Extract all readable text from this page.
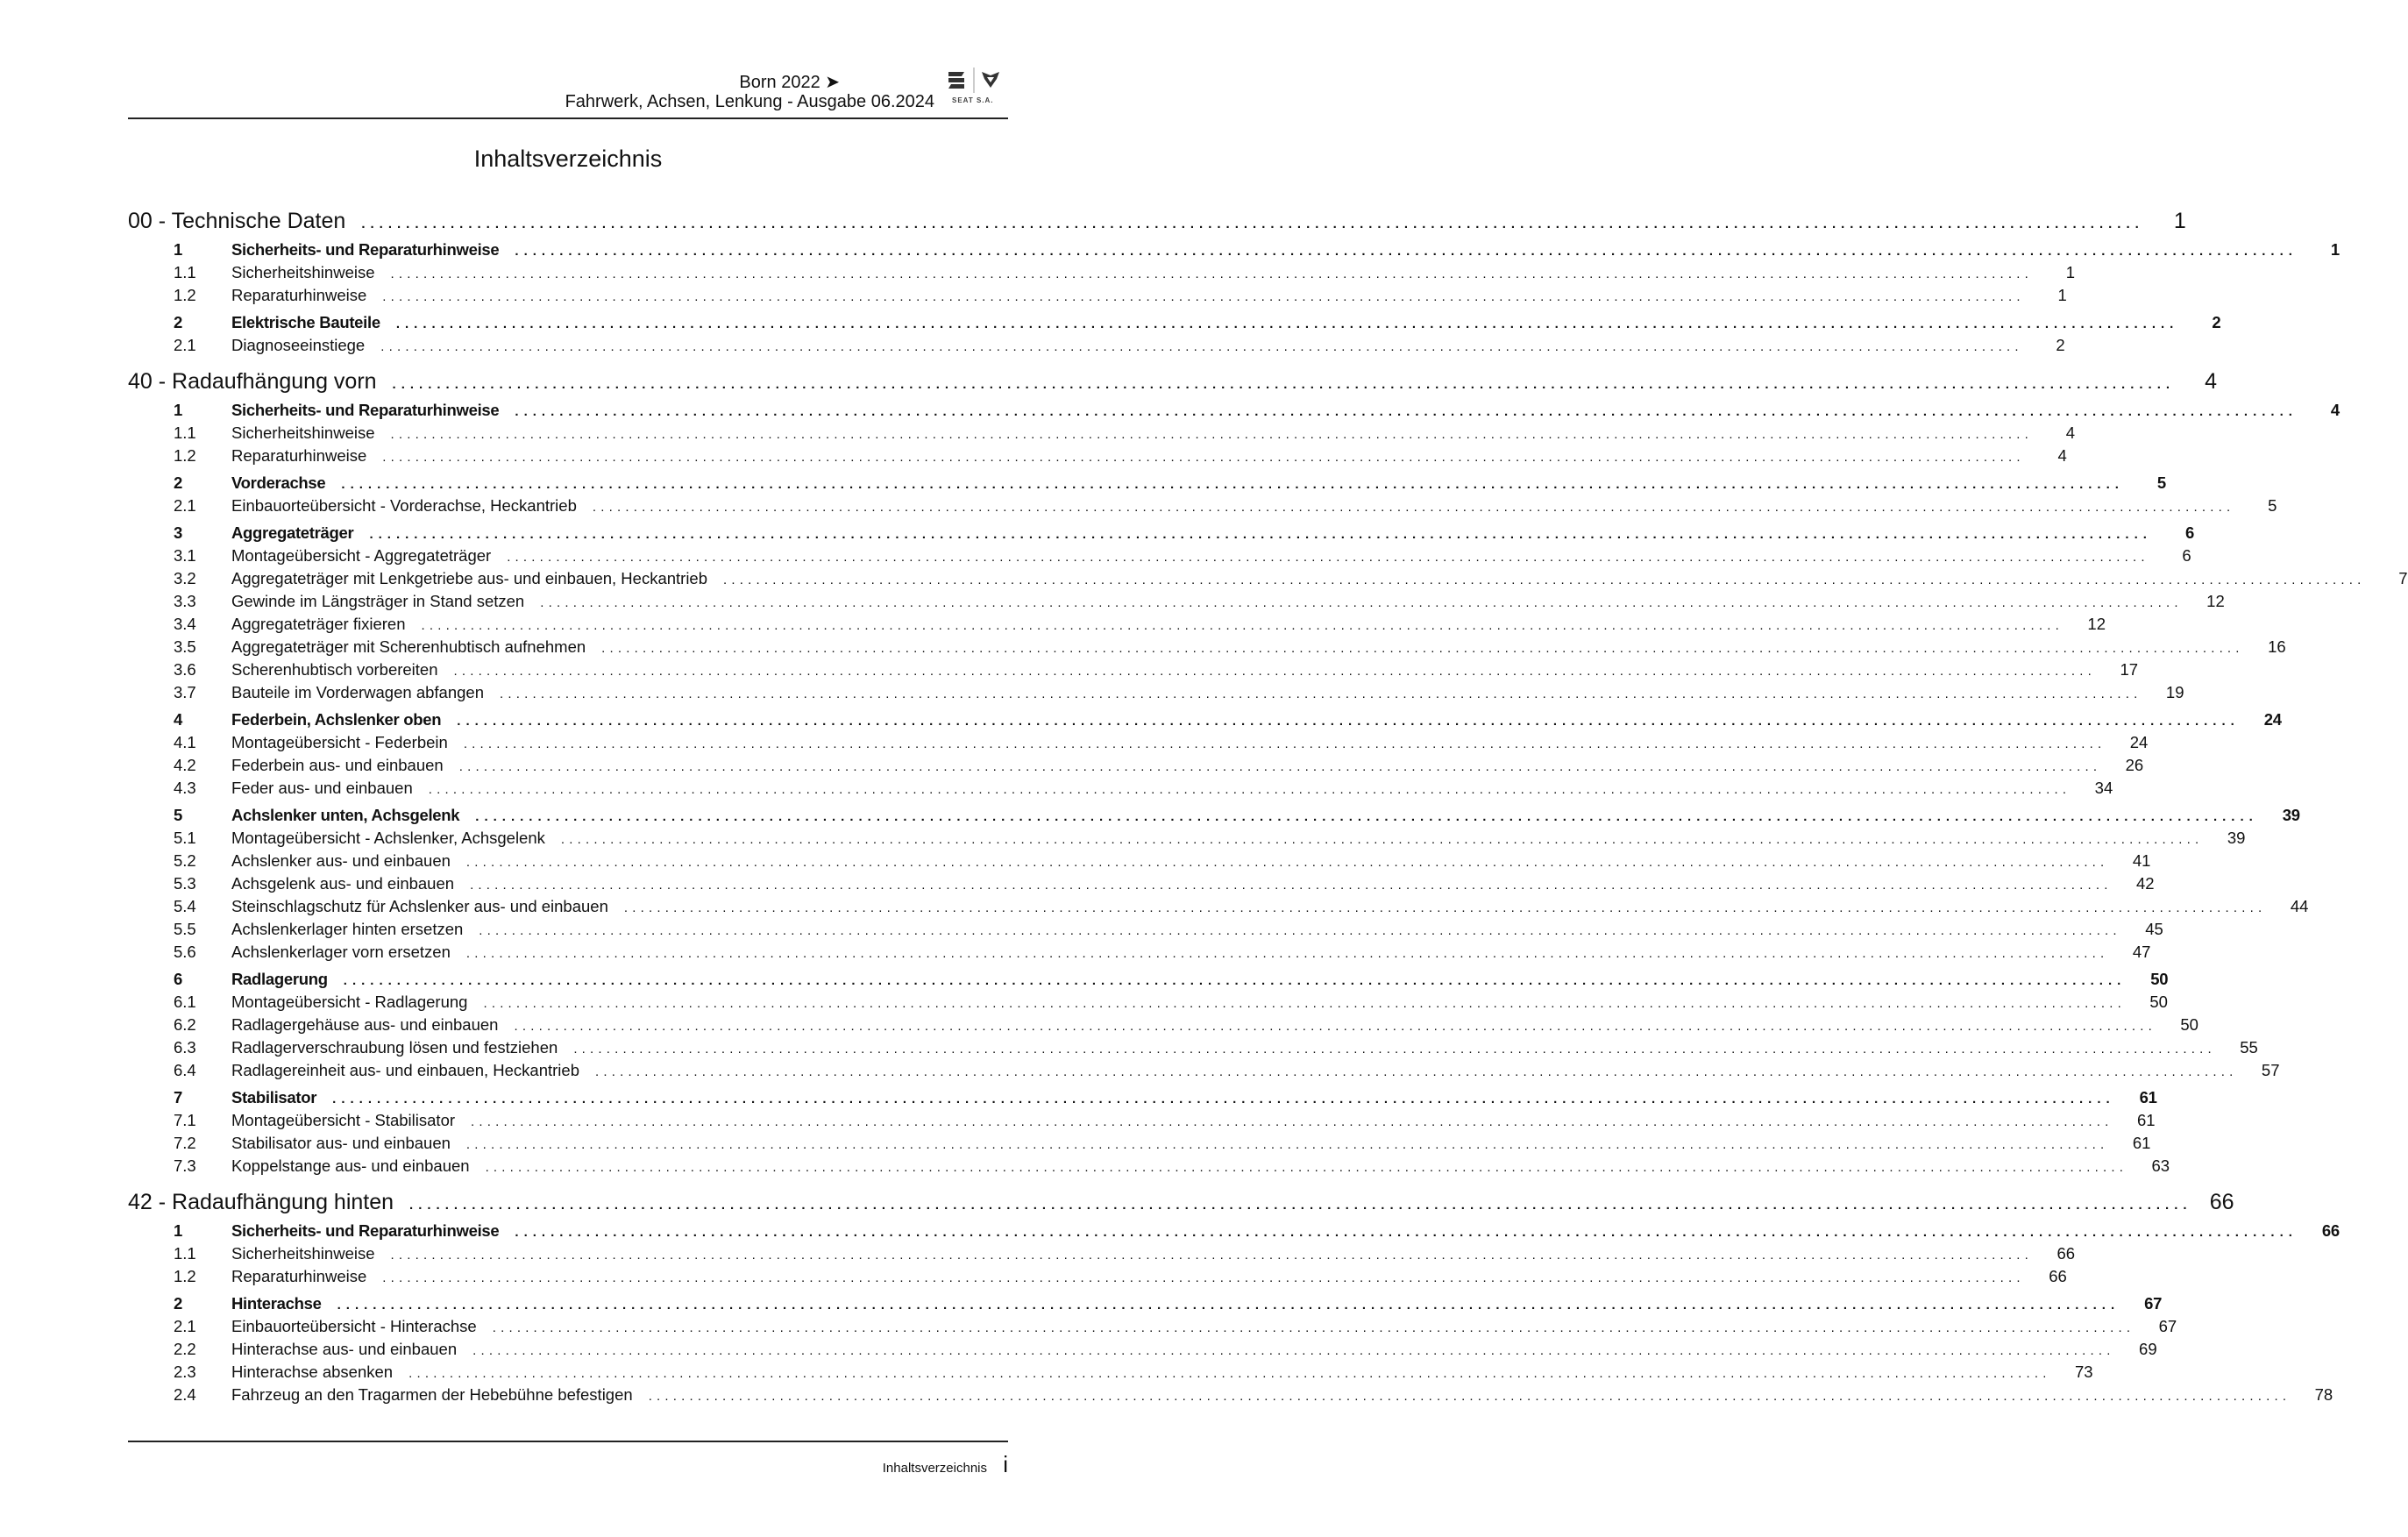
Born 2022 ➤
Fahrwerk, Achsen, Lenkung - Ausgabe 06.2024	SEAT S.A.
Inhaltsverzeichnis
00 - Technische Daten ........................................................................................................................................................................................................	1
1	Sicherheits- und Reparaturhinweise ........................................................................................................................................................................................................	1
1.1	Sicherheitshinweise ........................................................................................................................................................................................................	1
1.2	Reparaturhinweise ........................................................................................................................................................................................................	1
2	Elektrische Bauteile ........................................................................................................................................................................................................	2
2.1	Diagnoseeinstiege ........................................................................................................................................................................................................	2
40 - Radaufhängung vorn ........................................................................................................................................................................................................	4
1	Sicherheits- und Reparaturhinweise ........................................................................................................................................................................................................	4
1.1	Sicherheitshinweise ........................................................................................................................................................................................................	4
1.2	Reparaturhinweise ........................................................................................................................................................................................................	4
2	Vorderachse ........................................................................................................................................................................................................	5
2.1	Einbauorteübersicht - Vorderachse, Heckantrieb ........................................................................................................................................................................................................	5
3	Aggregateträger ........................................................................................................................................................................................................	6
3.1	Montageübersicht - Aggregateträger ........................................................................................................................................................................................................	6
3.2	Aggregateträger mit Lenkgetriebe aus- und einbauen, Heckantrieb ........................................................................................................................................................................................................	7
3.3	Gewinde im Längsträger in Stand setzen ........................................................................................................................................................................................................	12
3.4	Aggregateträger fixieren ........................................................................................................................................................................................................	12
3.5	Aggregateträger mit Scherenhubtisch aufnehmen ........................................................................................................................................................................................................	16
3.6	Scherenhubtisch vorbereiten ........................................................................................................................................................................................................	17
3.7	Bauteile im Vorderwagen abfangen ........................................................................................................................................................................................................	19
4	Federbein, Achslenker oben ........................................................................................................................................................................................................	24
4.1	Montageübersicht - Federbein ........................................................................................................................................................................................................	24
4.2	Federbein aus- und einbauen ........................................................................................................................................................................................................	26
4.3	Feder aus- und einbauen ........................................................................................................................................................................................................	34
5	Achslenker unten, Achsgelenk ........................................................................................................................................................................................................	39
5.1	Montageübersicht - Achslenker, Achsgelenk ........................................................................................................................................................................................................	39
5.2	Achslenker aus- und einbauen ........................................................................................................................................................................................................	41
5.3	Achsgelenk aus- und einbauen ........................................................................................................................................................................................................	42
5.4	Steinschlagschutz für Achslenker aus- und einbauen ........................................................................................................................................................................................................	44
5.5	Achslenkerlager hinten ersetzen ........................................................................................................................................................................................................	45
5.6	Achslenkerlager vorn ersetzen ........................................................................................................................................................................................................	47
6	Radlagerung ........................................................................................................................................................................................................	50
6.1	Montageübersicht - Radlagerung ........................................................................................................................................................................................................	50
6.2	Radlagergehäuse aus- und einbauen ........................................................................................................................................................................................................	50
6.3	Radlagerverschraubung lösen und festziehen ........................................................................................................................................................................................................	55
6.4	Radlagereinheit aus- und einbauen, Heckantrieb ........................................................................................................................................................................................................	57
7	Stabilisator ........................................................................................................................................................................................................	61
7.1	Montageübersicht - Stabilisator ........................................................................................................................................................................................................	61
7.2	Stabilisator aus- und einbauen ........................................................................................................................................................................................................	61
7.3	Koppelstange aus- und einbauen ........................................................................................................................................................................................................	63
42 - Radaufhängung hinten ........................................................................................................................................................................................................ 66
1	Sicherheits- und Reparaturhinweise ........................................................................................................................................................................................................	66
1.1	Sicherheitshinweise ........................................................................................................................................................................................................	66
1.2	Reparaturhinweise ........................................................................................................................................................................................................	66
2	Hinterachse ........................................................................................................................................................................................................	67
2.1	Einbauorteübersicht - Hinterachse ........................................................................................................................................................................................................	67
2.2	Hinterachse aus- und einbauen ........................................................................................................................................................................................................	69
2.3	Hinterachse absenken ........................................................................................................................................................................................................	73
2.4	Fahrzeug an den Tragarmen der Hebebühne befestigen ........................................................................................................................................................................................................	78
Inhaltsverzeichnis i
